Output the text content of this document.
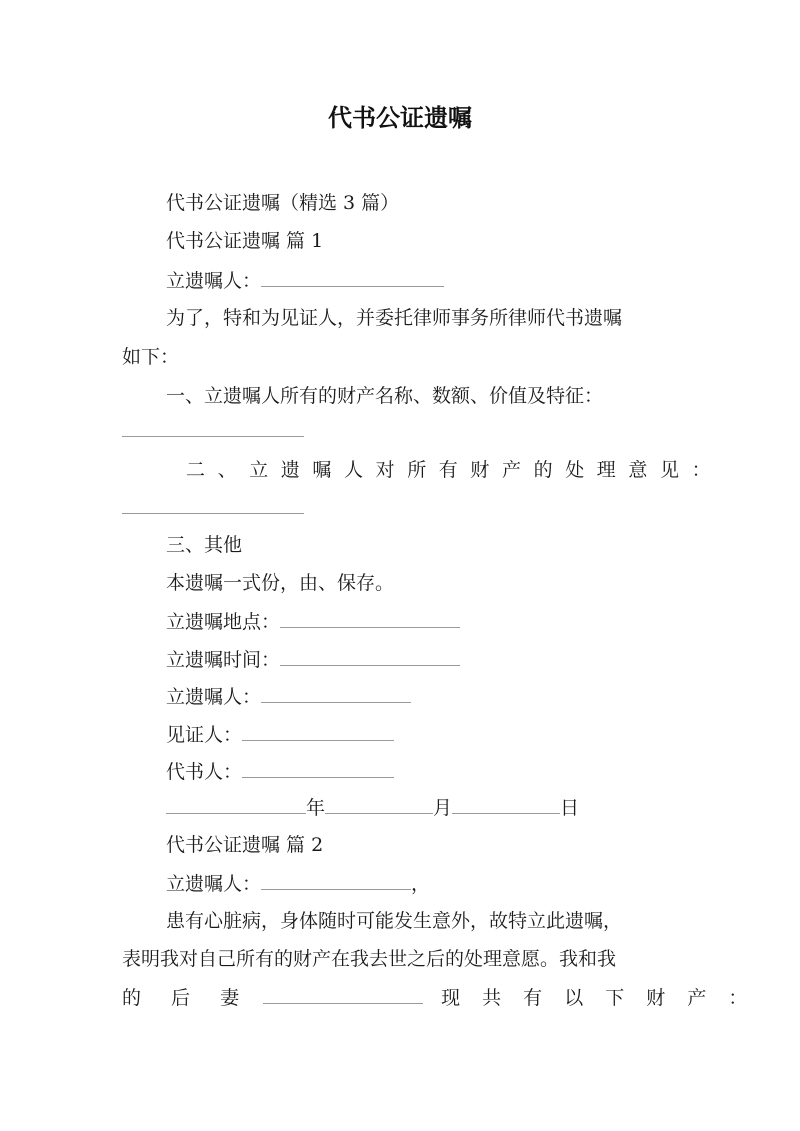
代书公证遗嘱
代书公证遗嘱（精选 3 篇）
代书公证遗嘱 篇 1
立遗嘱人：
为了，特和为见证人，并委托律师事务所律师代书遗嘱
如下：
一、立遗嘱人所有的财产名称、数额、价值及特征：
二、立遗嘱人对所有财产的处理意见：
三、其他
本遗嘱一式份，由、保存。
立遗嘱地点：
立遗嘱时间：
立遗嘱人：
见证人：
代书人：
年	月	日
代书公证遗嘱 篇 2
立遗嘱人：	，
患有心脏病，身体随时可能发生意外，故特立此遗嘱，
表明我对自己所有的财产在我去世之后的处理意愿。我和我
的 后 妻	现 共 有 以 下 财 产 ：
